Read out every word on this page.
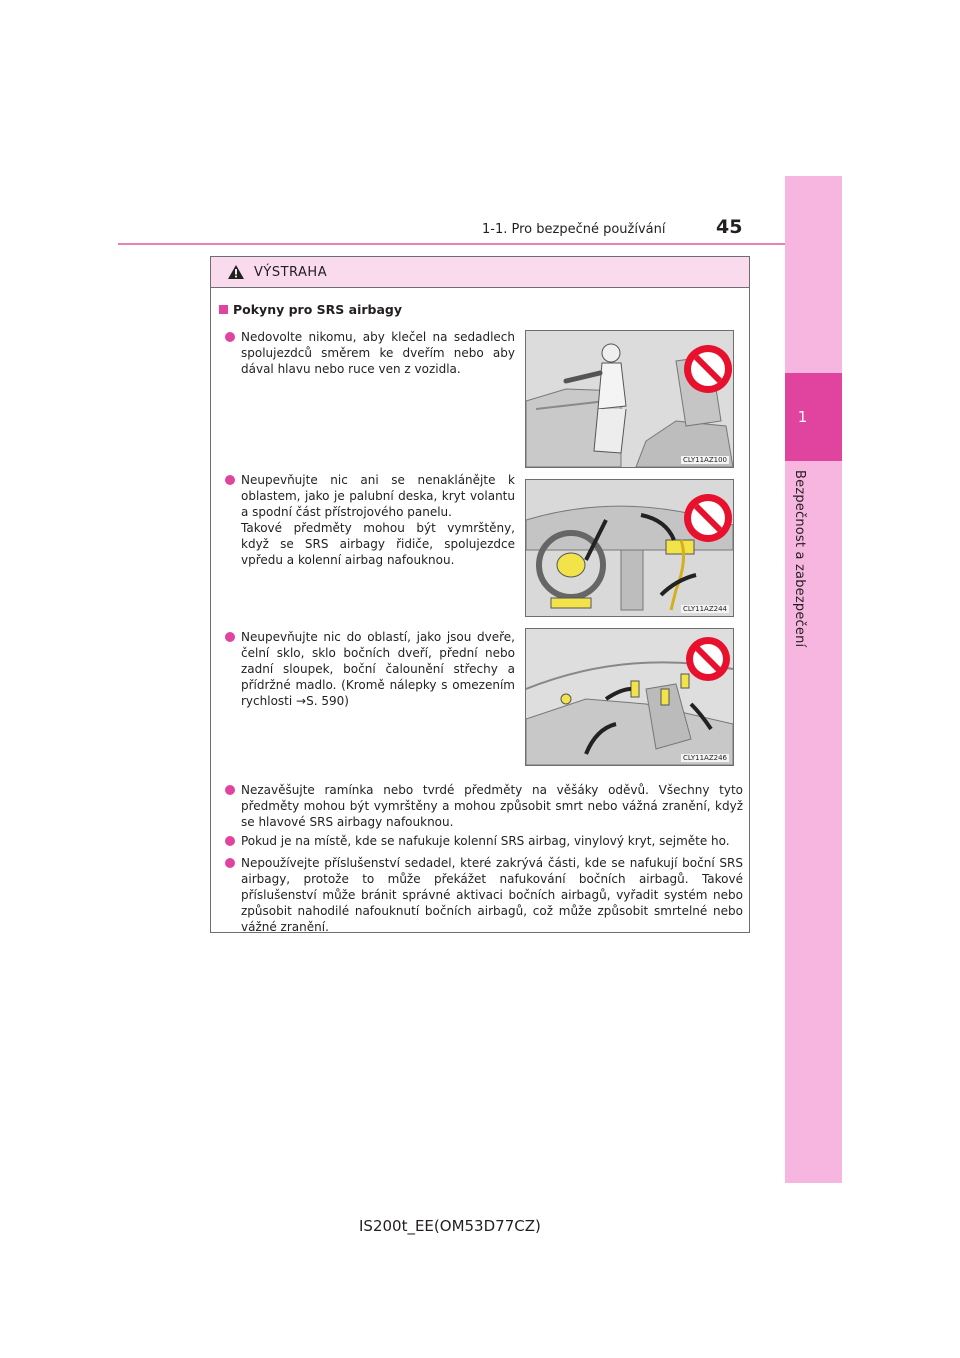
1
Bezpečnost a zabezpečení
1-1. Pro bezpečné používání	45
VÝSTRAHA
Pokyny pro SRS airbagy
Nedovolte nikomu, aby klečel na sedadlech spolujezdců směrem ke dveřím nebo aby dával hlavu nebo ruce ven z vozidla.
CLY11AZ100
Neupevňujte nic ani se nenaklánějte k oblastem, jako je palubní deska, kryt volantu a spodní část přístrojového panelu.
Takové předměty mohou být vymrštěny, když se SRS airbagy řidiče, spolujezdce vpředu a kolenní airbag nafouknou.
CLY11AZ244
Neupevňujte nic do oblastí, jako jsou dveře, čelní sklo, sklo bočních dveří, přední nebo zadní sloupek, boční čalounění střechy a přídržné madlo. (Kromě nálepky s omezením rychlosti →S. 590)
CLY11AZ246
Nezavěšujte ramínka nebo tvrdé předměty na věšáky oděvů. Všechny tyto předměty mohou být vymrštěny a mohou způsobit smrt nebo vážná zranění, když se hlavové SRS airbagy nafouknou.
Pokud je na místě, kde se nafukuje kolenní SRS airbag, vinylový kryt, sejměte ho.
Nepoužívejte příslušenství sedadel, které zakrývá části, kde se nafukují boční SRS airbagy, protože to může překážet nafukování bočních airbagů. Takové příslušenství může bránit správné aktivaci bočních airbagů, vyřadit systém nebo způsobit nahodilé nafouknutí bočních airbagů, což může způsobit smrtelné nebo vážné zranění.
IS200t_EE(OM53D77CZ)
